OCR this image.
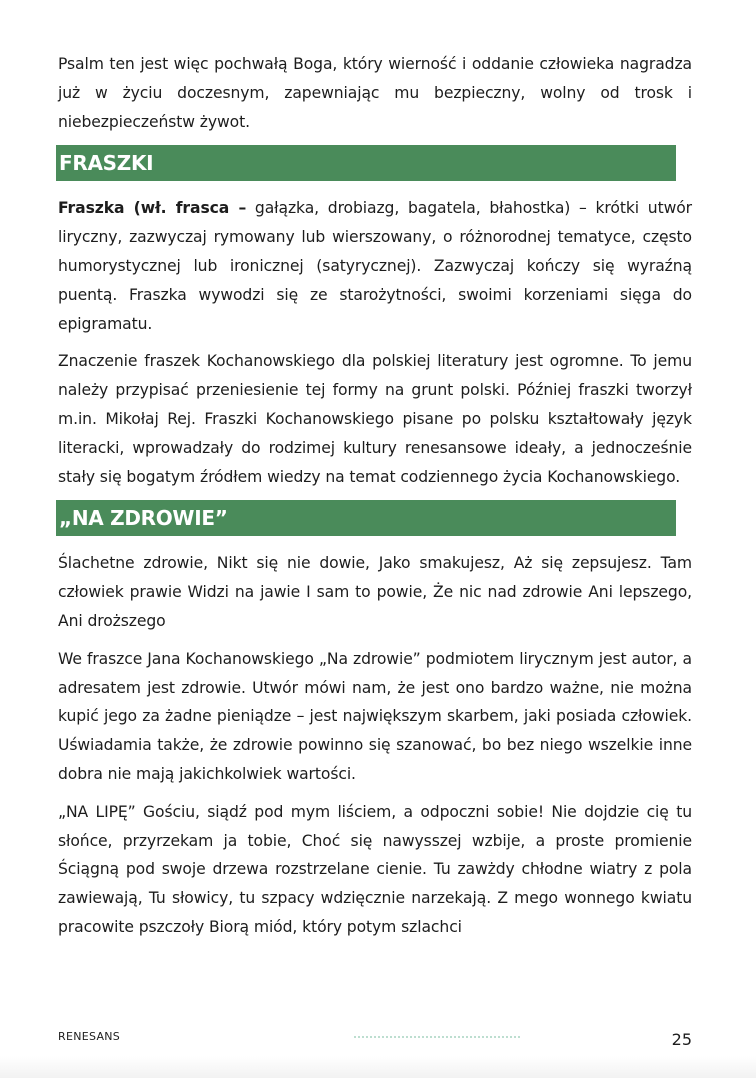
Psalm ten jest więc pochwałą Boga, który wierność i oddanie człowieka nagradza już w życiu doczesnym, zapewniając mu bezpieczny, wolny od trosk i niebezpieczeństw żywot.

FRASZKI

Fraszka (wł. frasca – gałązka, drobiazg, bagatela, błahostka) – krótki utwór liryczny, zazwyczaj rymowany lub wierszowany, o różnorodnej tematyce, często humorystycznej lub ironicznej (satyrycznej). Zazwyczaj kończy się wyraźną puentą. Fraszka wywodzi się ze starożytności, swoimi korzeniami sięga do epigramatu.

Znaczenie fraszek Kochanowskiego dla polskiej literatury jest ogromne. To jemu należy przypisać przeniesienie tej formy na grunt polski. Później fraszki tworzył m.in. Mikołaj Rej. Fraszki Kochanowskiego pisane po polsku kształtowały język literacki, wprowadzały do rodzimej kultury renesansowe ideały, a jednocześnie stały się bogatym źródłem wiedzy na temat codziennego życia Kochanowskiego.

„NA ZDROWIE”

Ślachetne zdrowie, Nikt się nie dowie, Jako smakujesz, Aż się zepsujesz. Tam człowiek prawie Widzi na jawie I sam to powie, Że nic nad zdrowie Ani lepszego, Ani droższego

We fraszce Jana Kochanowskiego „Na zdrowie” podmiotem lirycznym jest autor, a adresatem jest zdrowie. Utwór mówi nam, że jest ono bardzo ważne, nie można kupić jego za żadne pieniądze – jest największym skarbem, jaki posiada człowiek. Uświadamia także, że zdrowie powinno się szanować, bo bez niego wszelkie inne dobra nie mają jakichkolwiek wartości.

„NA LIPĘ” Gościu, siądź pod mym liściem, a odpoczni sobie! Nie dojdzie cię tu słońce, przyrzekam ja tobie, Choć się nawysszej wzbije, a proste promienie Ściągną pod swoje drzewa rozstrzelane cienie. Tu zawżdy chłodne wiatry z pola zawiewają, Tu słowicy, tu szpacy wdzięcznie narzekają. Z mego wonnego kwiatu pracowite pszczoły Biorą miód, który potym szlachci

RENESANS	25
